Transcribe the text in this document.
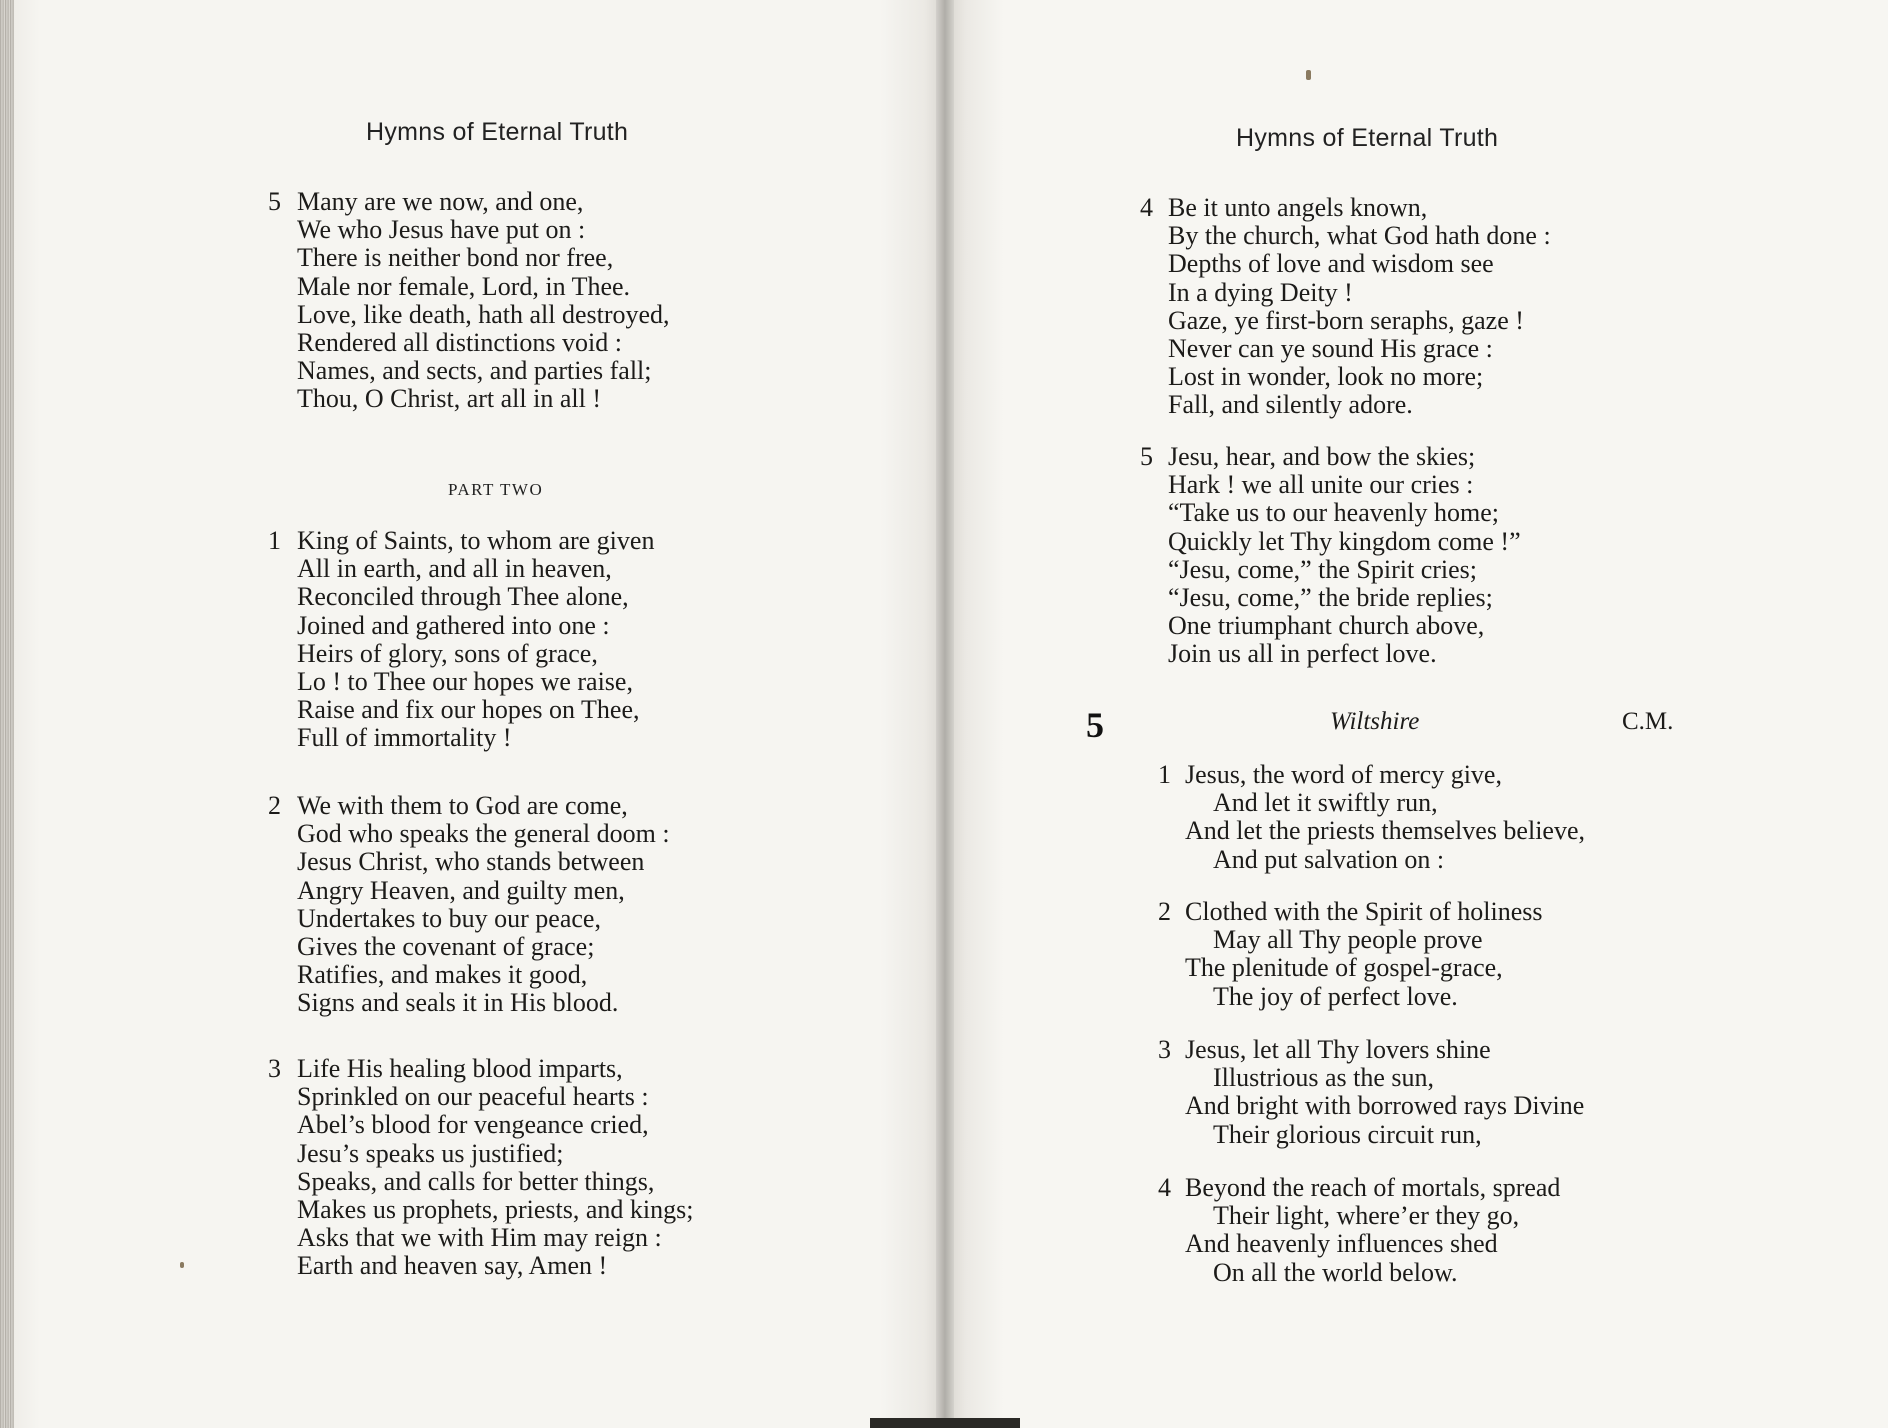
Hymns of Eternal Truth
5 Many are we now, and one,
We who Jesus have put on :
There is neither bond nor free,
Male nor female, Lord, in Thee.
Love, like death, hath all destroyed,
Rendered all distinctions void :
Names, and sects, and parties fall;
Thou, O Christ, art all in all !
PART TWO
1 King of Saints, to whom are given
All in earth, and all in heaven,
Reconciled through Thee alone,
Joined and gathered into one :
Heirs of glory, sons of grace,
Lo ! to Thee our hopes we raise,
Raise and fix our hopes on Thee,
Full of immortality !
2 We with them to God are come,
God who speaks the general doom :
Jesus Christ, who stands between
Angry Heaven, and guilty men,
Undertakes to buy our peace,
Gives the covenant of grace;
Ratifies, and makes it good,
Signs and seals it in His blood.
3 Life His healing blood imparts,
Sprinkled on our peaceful hearts :
Abel’s blood for vengeance cried,
Jesu’s speaks us justified;
Speaks, and calls for better things,
Makes us prophets, priests, and kings;
Asks that we with Him may reign :
Earth and heaven say, Amen !
Hymns of Eternal Truth
4 Be it unto angels known,
By the church, what God hath done :
Depths of love and wisdom see
In a dying Deity !
Gaze, ye first-born seraphs, gaze !
Never can ye sound His grace :
Lost in wonder, look no more;
Fall, and silently adore.
5 Jesu, hear, and bow the skies;
Hark ! we all unite our cries :
“Take us to our heavenly home;
Quickly let Thy kingdom come !”
“Jesu, come,” the Spirit cries;
“Jesu, come,” the bride replies;
One triumphant church above,
Join us all in perfect love.
5	Wiltshire	C.M.
1 Jesus, the word of mercy give,
And let it swiftly run,
And let the priests themselves believe,
And put salvation on :
2 Clothed with the Spirit of holiness
May all Thy people prove
The plenitude of gospel-grace,
The joy of perfect love.
3 Jesus, let all Thy lovers shine
Illustrious as the sun,
And bright with borrowed rays Divine
Their glorious circuit run,
4 Beyond the reach of mortals, spread
Their light, where’er they go,
And heavenly influences shed
On all the world below.
